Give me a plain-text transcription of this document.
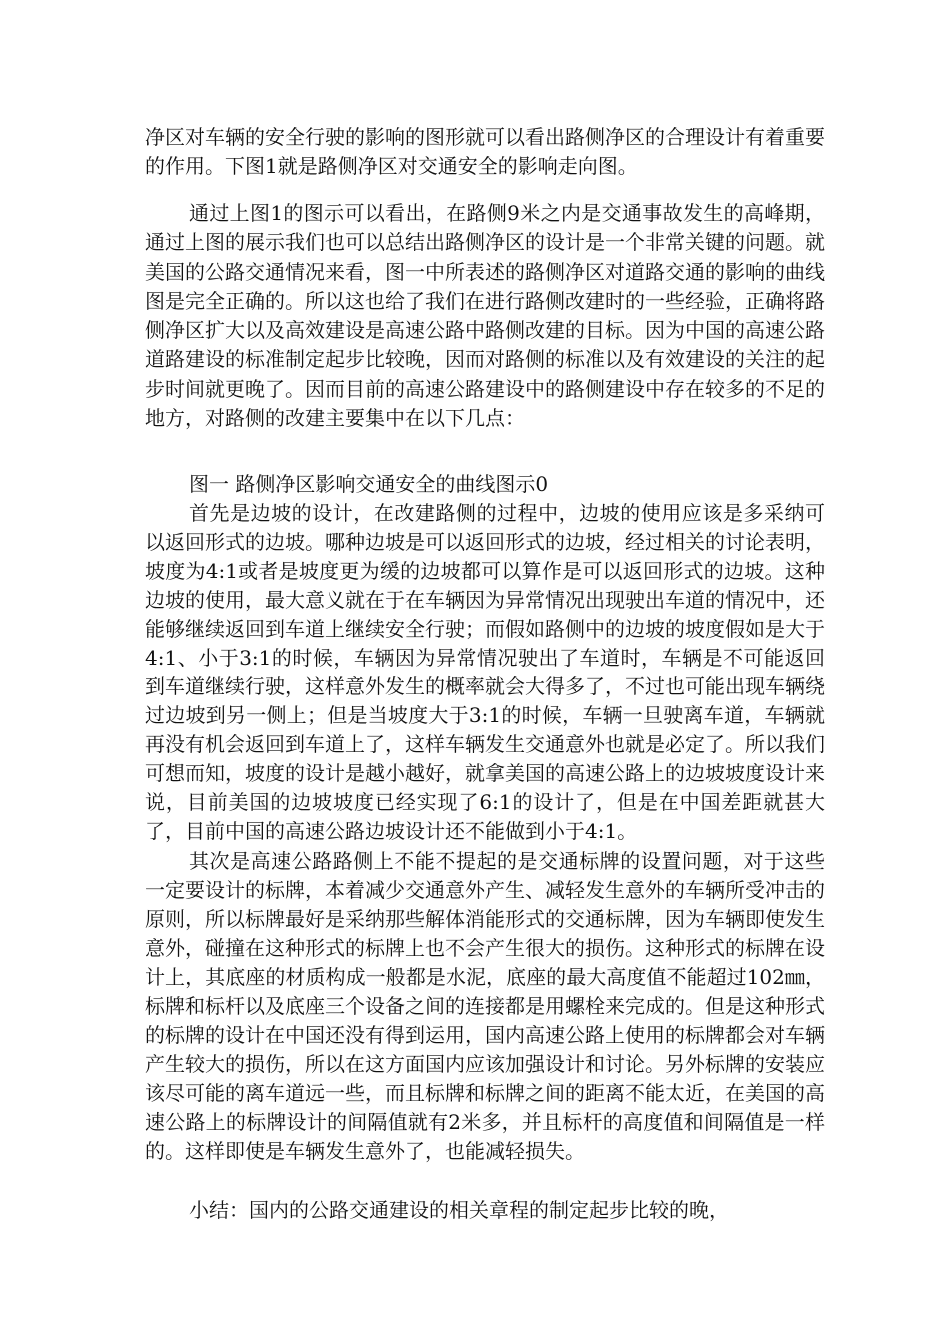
净区对车辆的安全行驶的影响的图形就可以看出路侧净区的合理设计有着重要的作用。下图1就是路侧净区对交通安全的影响走向图。

通过上图1的图示可以看出，在路侧9米之内是交通事故发生的高峰期，通过上图的展示我们也可以总结出路侧净区的设计是一个非常关键的问题。就美国的公路交通情况来看，图一中所表述的路侧净区对道路交通的影响的曲线图是完全正确的。所以这也给了我们在进行路侧改建时的一些经验，正确将路侧净区扩大以及高效建设是高速公路中路侧改建的目标。因为中国的高速公路道路建设的标准制定起步比较晚，因而对路侧的标准以及有效建设的关注的起步时间就更晚了。因而目前的高速公路建设中的路侧建设中存在较多的不足的地方，对路侧的改建主要集中在以下几点：

图一 路侧净区影响交通安全的曲线图示0

首先是边坡的设计，在改建路侧的过程中，边坡的使用应该是多采纳可以返回形式的边坡。哪种边坡是可以返回形式的边坡，经过相关的讨论表明，坡度为4:1或者是坡度更为缓的边坡都可以算作是可以返回形式的边坡。这种边坡的使用，最大意义就在于在车辆因为异常情况出现驶出车道的情况中，还能够继续返回到车道上继续安全行驶；而假如路侧中的边坡的坡度假如是大于4:1、小于3:1的时候，车辆因为异常情况驶出了车道时，车辆是不可能返回到车道继续行驶，这样意外发生的概率就会大得多了，不过也可能出现车辆绕过边坡到另一侧上；但是当坡度大于3:1的时候，车辆一旦驶离车道，车辆就再没有机会返回到车道上了，这样车辆发生交通意外也就是必定了。所以我们可想而知，坡度的设计是越小越好，就拿美国的高速公路上的边坡坡度设计来说，目前美国的边坡坡度已经实现了6:1的设计了，但是在中国差距就甚大了，目前中国的高速公路边坡设计还不能做到小于4:1。

其次是高速公路路侧上不能不提起的是交通标牌的设置问题，对于这些一定要设计的标牌，本着减少交通意外产生、减轻发生意外的车辆所受冲击的原则，所以标牌最好是采纳那些解体消能形式的交通标牌，因为车辆即使发生意外，碰撞在这种形式的标牌上也不会产生很大的损伤。这种形式的标牌在设计上，其底座的材质构成一般都是水泥，底座的最大高度值不能超过102㎜，标牌和标杆以及底座三个设备之间的连接都是用螺栓来完成的。但是这种形式的标牌的设计在中国还没有得到运用，国内高速公路上使用的标牌都会对车辆产生较大的损伤，所以在这方面国内应该加强设计和讨论。另外标牌的安装应该尽可能的离车道远一些，而且标牌和标牌之间的距离不能太近，在美国的高速公路上的标牌设计的间隔值就有2米多，并且标杆的高度值和间隔值是一样的。这样即使是车辆发生意外了，也能减轻损失。

小结：国内的公路交通建设的相关章程的制定起步比较的晚，
